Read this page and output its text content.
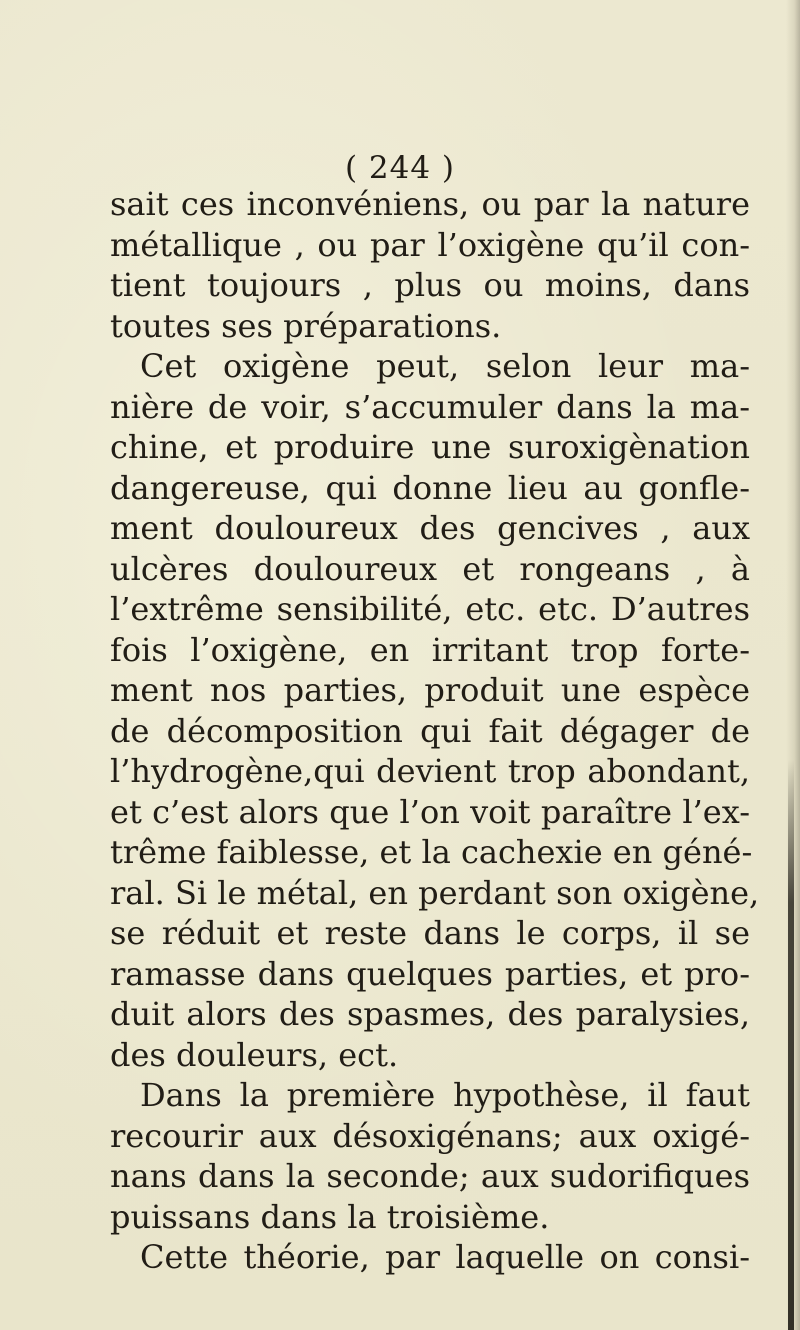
( 244 )
sait ces inconvéniens, ou par la nature
métallique , ou par l’oxigène qu’il con-
tient toujours , plus ou moins, dans
toutes ses préparations.
Cet oxigène peut, selon leur ma-
nière de voir, s’accumuler dans la ma-
chine, et produire une suroxigènation
dangereuse, qui donne lieu au gonfle-
ment douloureux des gencives , aux
ulcères douloureux et rongeans , à
l’extrême sensibilité, etc. etc. D’autres
fois l’oxigène, en irritant trop forte-
ment nos parties, produit une espèce
de décomposition qui fait dégager de
l’hydrogène,qui devient trop abondant,
et c’est alors que l’on voit paraître l’ex-
trême faiblesse, et la cachexie en géné-
ral. Si le métal, en perdant son oxigène,
se réduit et reste dans le corps, il se
ramasse dans quelques parties, et pro-
duit alors des spasmes, des paralysies,
des douleurs, ect.
Dans la première hypothèse, il faut
recourir aux désoxigénans; aux oxigé-
nans dans la seconde; aux sudorifiques
puissans dans la troisième.
Cette théorie, par laquelle on consi-
